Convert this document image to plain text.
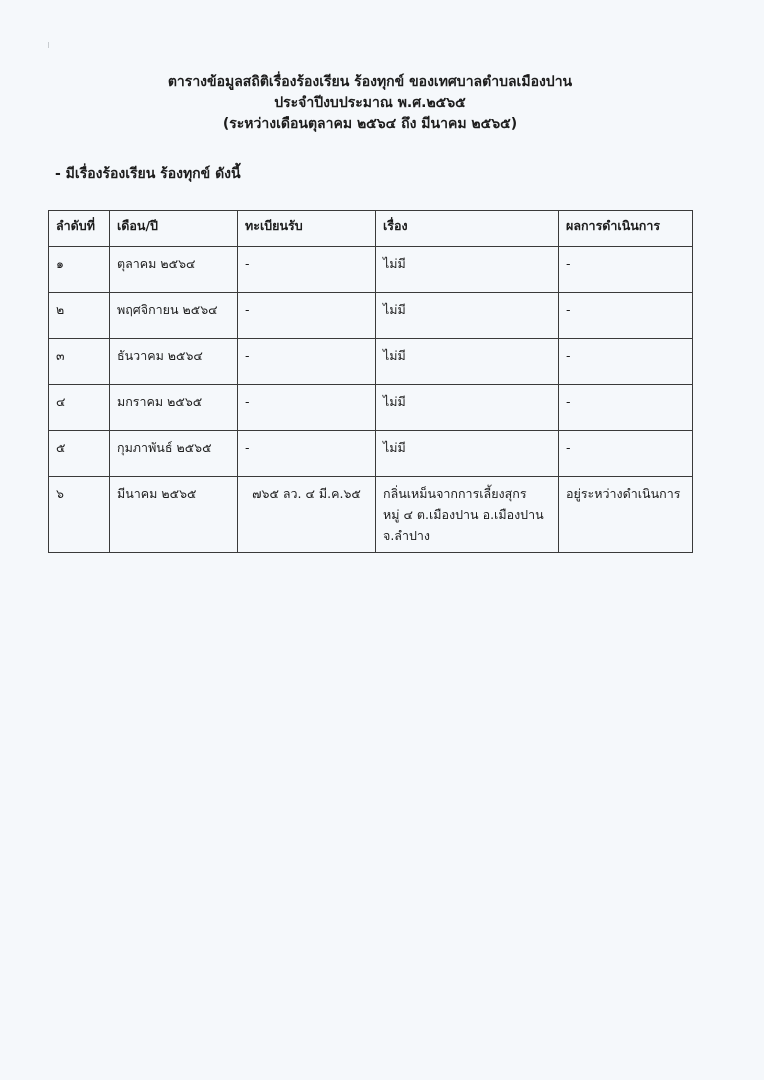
ตารางข้อมูลสถิติเรื่องร้องเรียน ร้องทุกข์ ของเทศบาลตำบลเมืองปาน

ประจำปีงบประมาณ พ.ศ.๒๕๖๕

(ระหว่างเดือนตุลาคม ๒๕๖๔ ถึง มีนาคม ๒๕๖๕)

- มีเรื่องร้องเรียน ร้องทุกข์ ดังนี้
ลำดับที่	เดือน/ปี	ทะเบียนรับ	เรื่อง	ผลการดำเนินการ
๑	ตุลาคม ๒๕๖๔	-	ไม่มี	-
๒	พฤศจิกายน ๒๕๖๔	-	ไม่มี	-
๓	ธันวาคม ๒๕๖๔	-	ไม่มี	-
๔	มกราคม ๒๕๖๕	-	ไม่มี	-
๕	กุมภาพันธ์ ๒๕๖๕	-	ไม่มี	-
๖	มีนาคม ๒๕๖๕	๗๖๕ ลว. ๔ มี.ค.๖๕	กลิ่นเหม็นจากการเลี้ยงสุกร
หมู่ ๔ ต.เมืองปาน อ.เมืองปาน
จ.ลำปาง	อยู่ระหว่างดำเนินการ
